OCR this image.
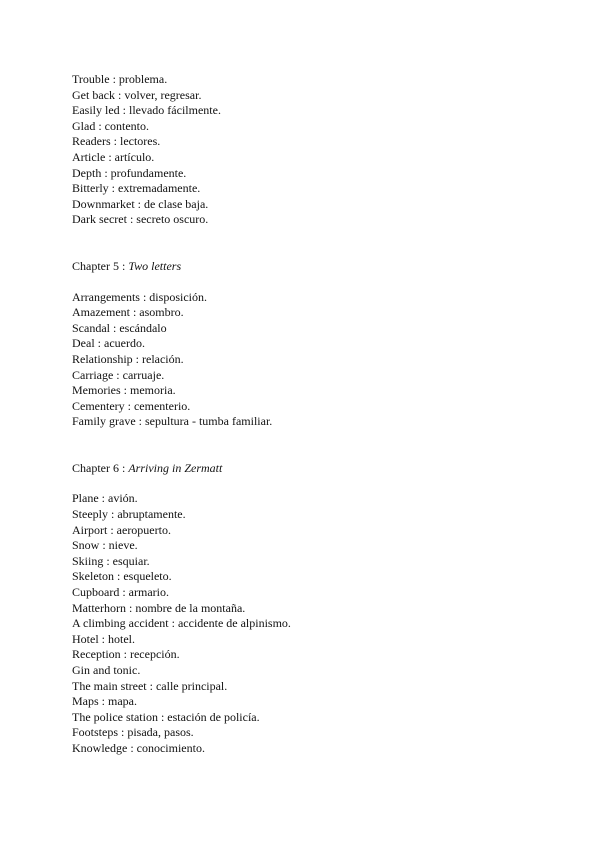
Trouble : problema.
Get back : volver, regresar.
Easily led : llevado fácilmente.
Glad : contento.
Readers : lectores.
Article : artículo.
Depth : profundamente.
Bitterly : extremadamente.
Downmarket : de clase baja.
Dark secret : secreto oscuro.
Chapter 5 : Two letters
Arrangements : disposición.
Amazement : asombro.
Scandal : escándalo
Deal : acuerdo.
Relationship : relación.
Carriage : carruaje.
Memories : memoria.
Cementery : cementerio.
Family grave : sepultura - tumba familiar.
Chapter 6 : Arriving in Zermatt
Plane : avión.
Steeply : abruptamente.
Airport : aeropuerto.
Snow : nieve.
Skiing : esquiar.
Skeleton : esqueleto.
Cupboard : armario.
Matterhorn : nombre de la montaña.
A climbing accident : accidente de alpinismo.
Hotel : hotel.
Reception : recepción.
Gin and tonic.
The main street : calle principal.
Maps : mapa.
The police station : estación de policía.
Footsteps : pisada, pasos.
Knowledge : conocimiento.
